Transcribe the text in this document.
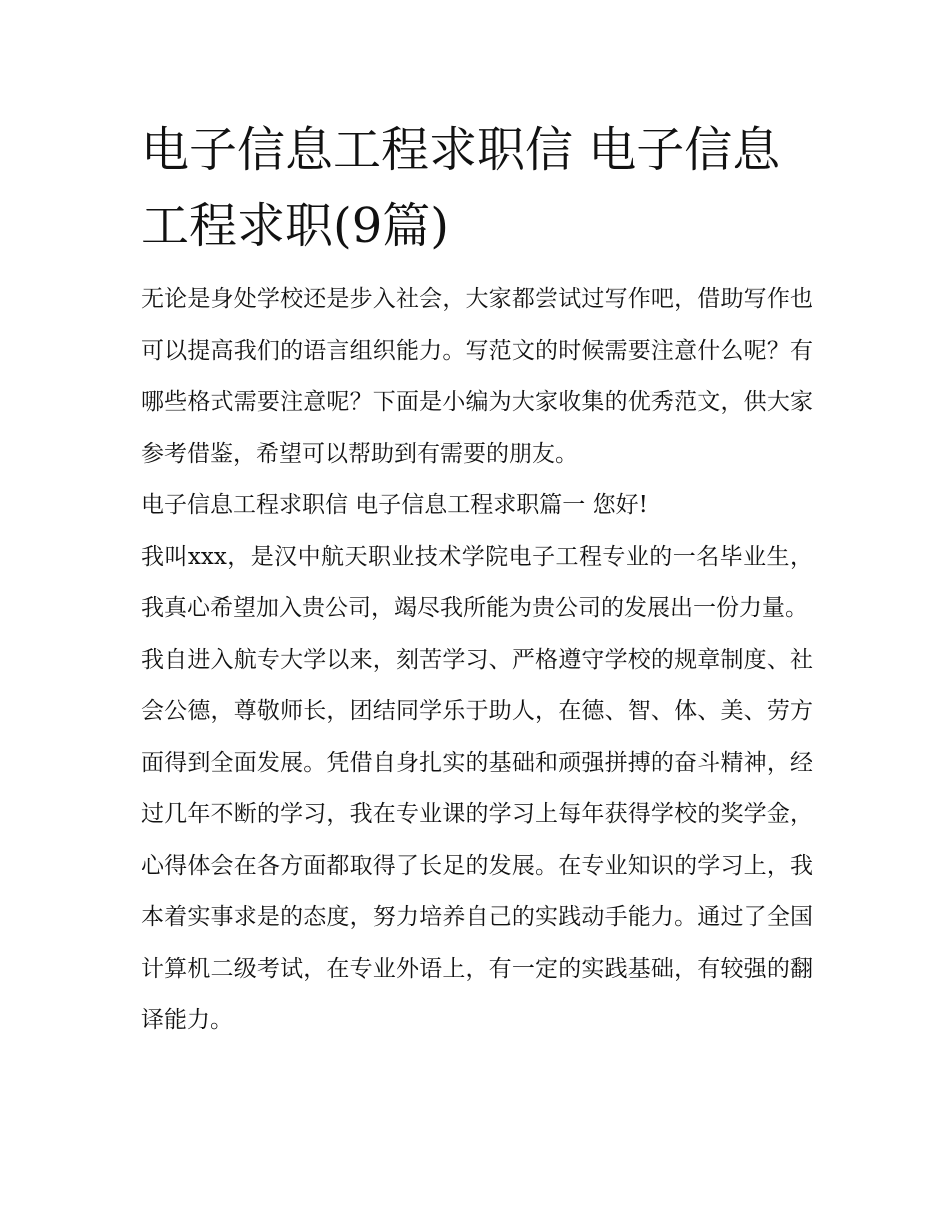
电子信息工程求职信 电子信息工程求职(9篇)

无论是身处学校还是步入社会，大家都尝试过写作吧，借助写作也可以提高我们的语言组织能力。写范文的时候需要注意什么呢？有哪些格式需要注意呢？下面是小编为大家收集的优秀范文，供大家参考借鉴，希望可以帮助到有需要的朋友。

电子信息工程求职信 电子信息工程求职篇一 您好!

我叫xxx，是汉中航天职业技术学院电子工程专业的一名毕业生，我真心希望加入贵公司，竭尽我所能为贵公司的发展出一份力量。

我自进入航专大学以来，刻苦学习、严格遵守学校的规章制度、社会公德，尊敬师长，团结同学乐于助人，在德、智、体、美、劳方面得到全面发展。凭借自身扎实的基础和顽强拼搏的奋斗精神，经过几年不断的学习，我在专业课的学习上每年获得学校的奖学金，心得体会在各方面都取得了长足的发展。在专业知识的学习上，我本着实事求是的态度，努力培养自己的实践动手能力。通过了全国计算机二级考试，在专业外语上，有一定的实践基础，有较强的翻译能力。
